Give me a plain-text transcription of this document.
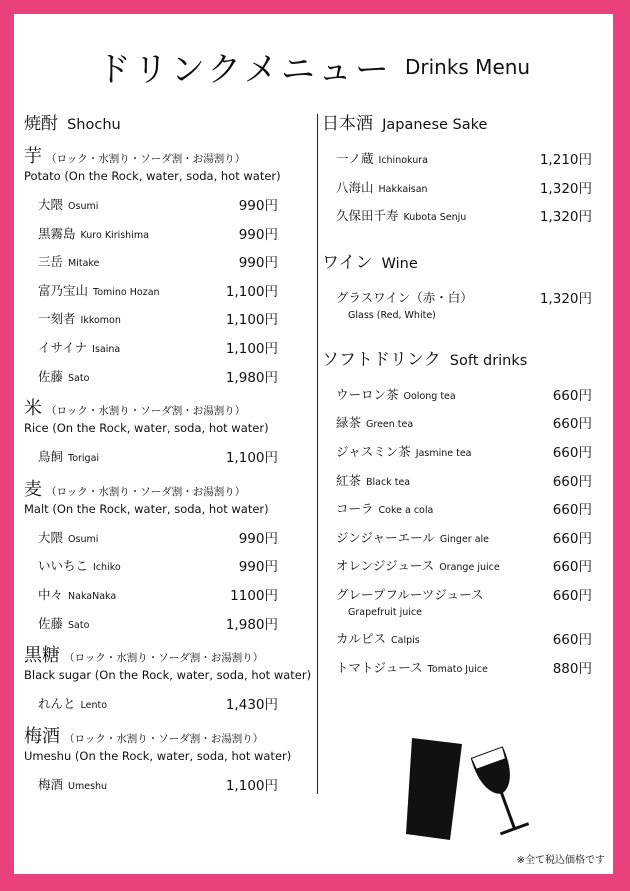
ドリンクメニュー Drinks Menu
焼酎 Shochu
芋 （ロック・水割り・ソーダ割・お湯割り）
Potato (On the Rock, water, soda, hot water)
大隈 Osumi	990円
黒霧島 Kuro Kirishima	990円
三岳 Mitake	990円
富乃宝山 Tomino Hozan	1,100円
一刻者 Ikkomon	1,100円
イサイナ Isaina	1,100円
佐藤 Sato	1,980円
米 （ロック・水割り・ソーダ割・お湯割り）
Rice (On the Rock, water, soda, hot water)
鳥飼 Torigai	1,100円
麦 （ロック・水割り・ソーダ割・お湯割り）
Malt (On the Rock, water, soda, hot water)
大隈 Osumi	990円
いいちこ Ichiko	990円
中々 NakaNaka	1100円
佐藤 Sato	1,980円
黒糖 （ロック・水割り・ソーダ割・お湯割り）
Black sugar (On the Rock, water, soda, hot water)
れんと Lento	1,430円
梅酒 （ロック・水割り・ソーダ割・お湯割り）
Umeshu (On the Rock, water, soda, hot water)
梅酒 Umeshu	1,100円
日本酒 Japanese Sake
一ノ蔵 Ichinokura	1,210円
八海山 Hakkaisan	1,320円
久保田千寿 Kubota Senju	1,320円
ワイン Wine
グラスワイン（赤・白）
Glass (Red, White)
1,320円
ソフトドリンク Soft drinks
ウーロン茶 Oolong tea	660円
緑茶 Green tea	660円
ジャスミン茶 Jasmine tea	660円
紅茶 Black tea	660円
コーラ Coke a cola	660円
ジンジャーエール Ginger ale	660円
オレンジジュース Orange juice	660円
グレープフルーツジュース
Grapefruit juice
660円
カルピス Calpis	660円
トマトジュース Tomato Juice	880円
※全て税込価格です
